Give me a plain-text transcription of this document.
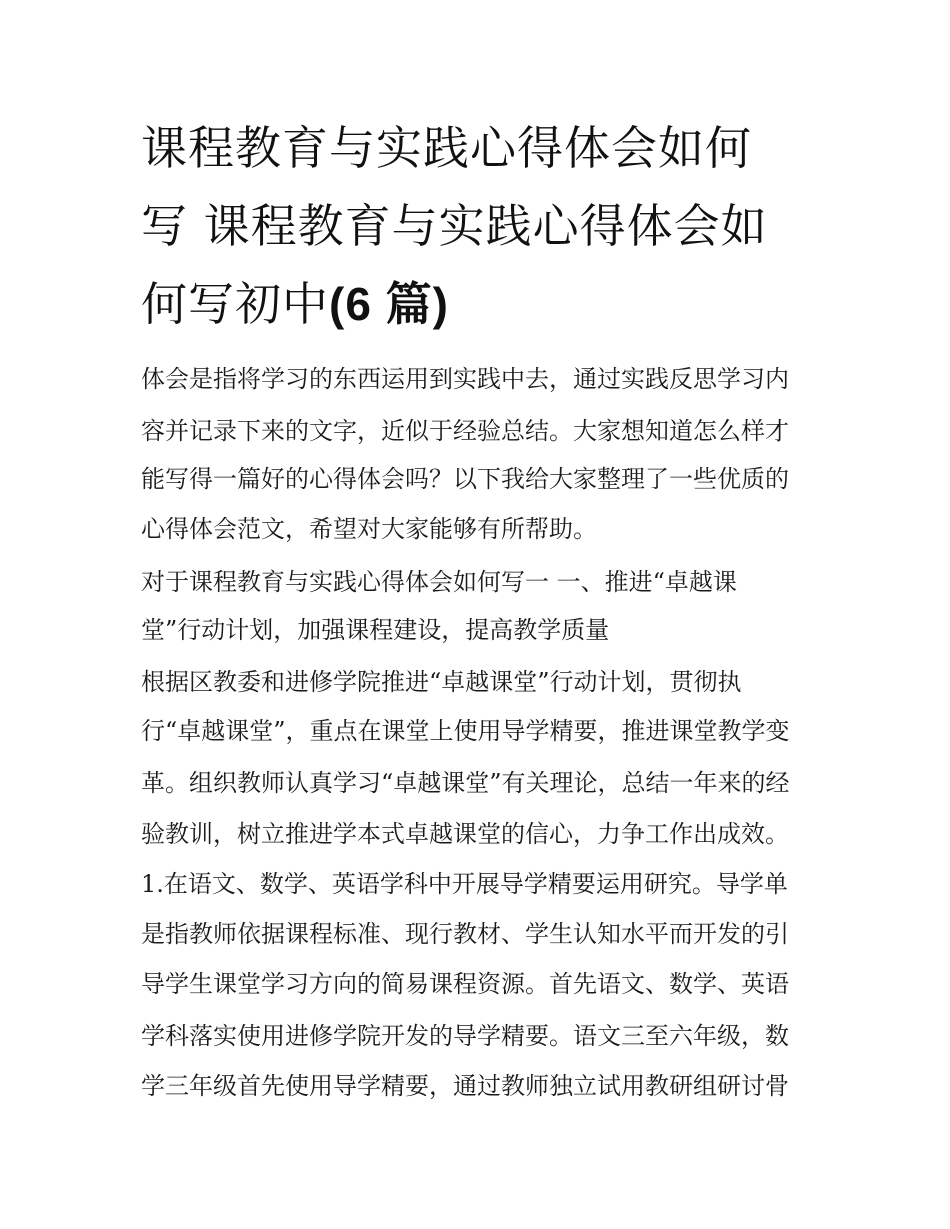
课程教育与实践心得体会如何
写 课程教育与实践心得体会如
何写初中(6 篇)
体会是指将学习的东西运用到实践中去，通过实践反思学习内
容并记录下来的文字，近似于经验总结。大家想知道怎么样才
能写得一篇好的心得体会吗？以下我给大家整理了一些优质的
心得体会范文，希望对大家能够有所帮助。
对于课程教育与实践心得体会如何写一 一、推进“卓越课
堂”行动计划，加强课程建设，提高教学质量
根据区教委和进修学院推进“卓越课堂”行动计划，贯彻执
行“卓越课堂”，重点在课堂上使用导学精要，推进课堂教学变
革。组织教师认真学习“卓越课堂”有关理论，总结一年来的经
验教训，树立推进学本式卓越课堂的信心，力争工作出成效。
1.在语文、数学、英语学科中开展导学精要运用研究。导学单
是指教师依据课程标准、现行教材、学生认知水平而开发的引
导学生课堂学习方向的简易课程资源。首先语文、数学、英语
学科落实使用进修学院开发的导学精要。语文三至六年级，数
学三年级首先使用导学精要，通过教师独立试用教研组研讨骨
